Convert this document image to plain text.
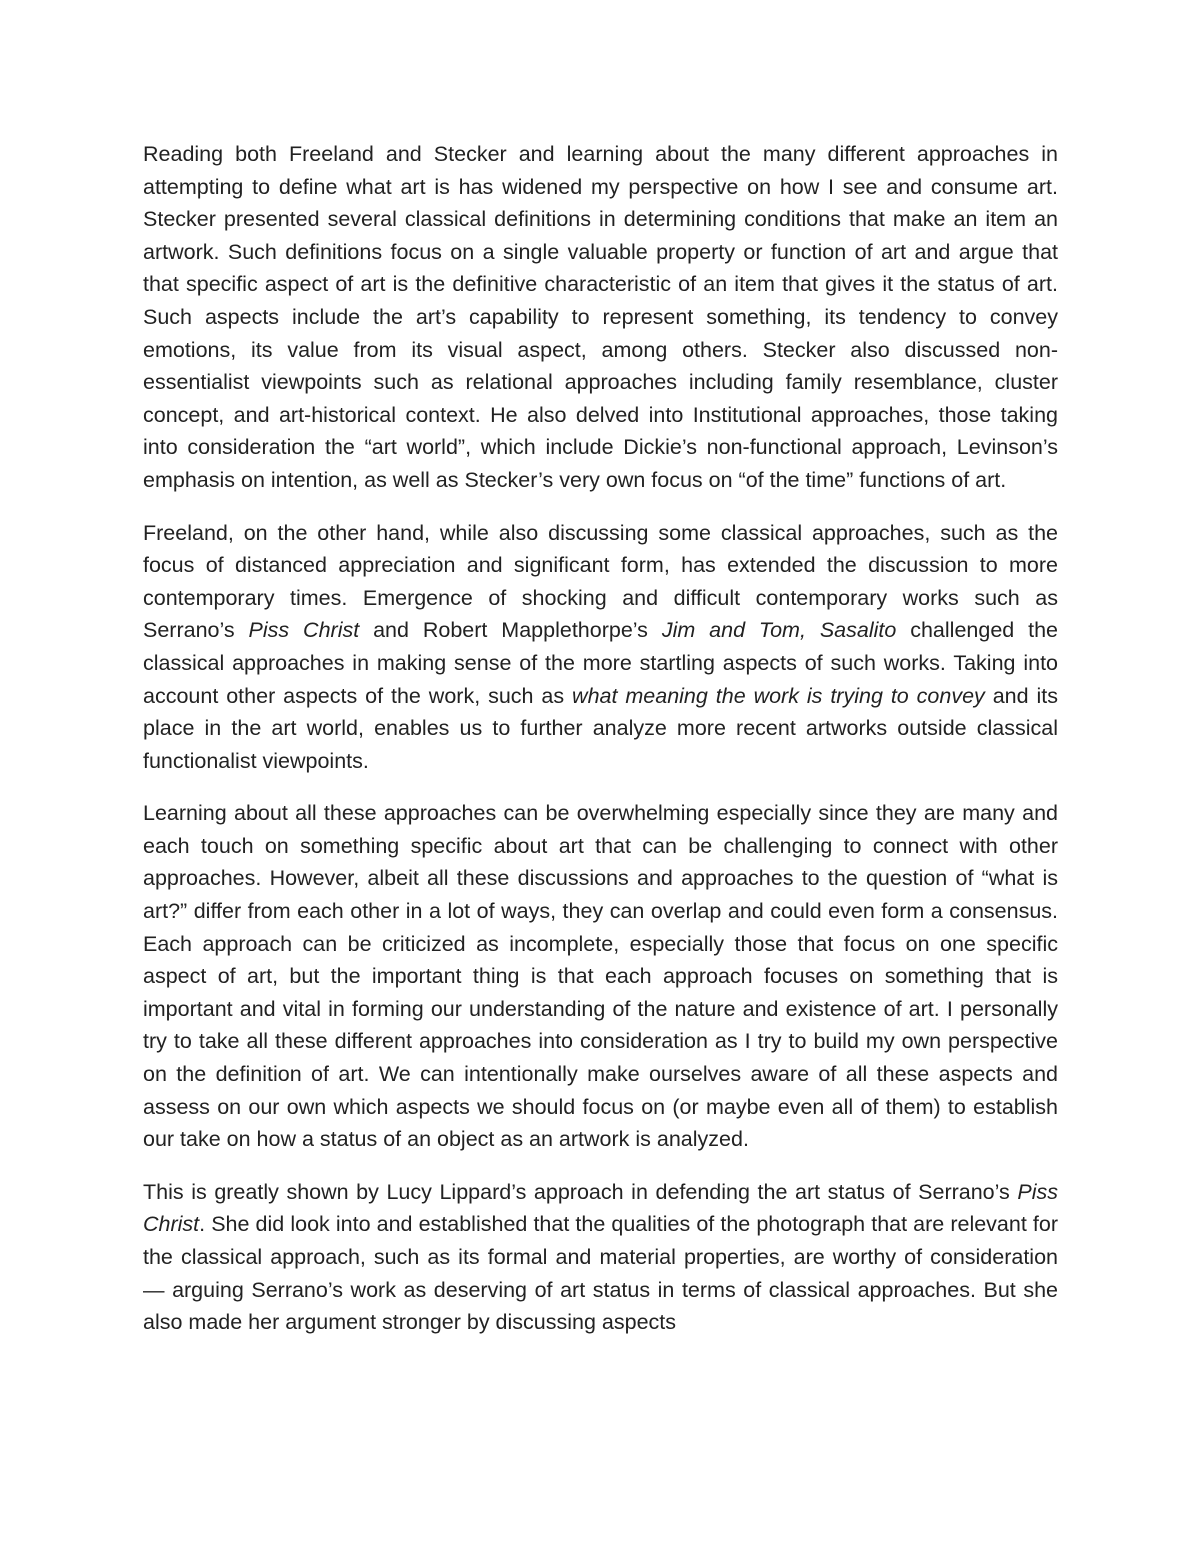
Reading both Freeland and Stecker and learning about the many different approaches in attempting to define what art is has widened my perspective on how I see and consume art. Stecker presented several classical definitions in determining conditions that make an item an artwork. Such definitions focus on a single valuable property or function of art and argue that that specific aspect of art is the definitive characteristic of an item that gives it the status of art. Such aspects include the art’s capability to represent something, its tendency to convey emotions, its value from its visual aspect, among others. Stecker also discussed non-essentialist viewpoints such as relational approaches including family resemblance, cluster concept, and art-historical context. He also delved into Institutional approaches, those taking into consideration the “art world”, which include Dickie’s non-functional approach, Levinson’s emphasis on intention, as well as Stecker’s very own focus on “of the time” functions of art.

Freeland, on the other hand, while also discussing some classical approaches, such as the focus of distanced appreciation and significant form, has extended the discussion to more contemporary times. Emergence of shocking and difficult contemporary works such as Serrano’s Piss Christ and Robert Mapplethorpe’s Jim and Tom, Sasalito challenged the classical approaches in making sense of the more startling aspects of such works. Taking into account other aspects of the work, such as what meaning the work is trying to convey and its place in the art world, enables us to further analyze more recent artworks outside classical functionalist viewpoints.

Learning about all these approaches can be overwhelming especially since they are many and each touch on something specific about art that can be challenging to connect with other approaches. However, albeit all these discussions and approaches to the question of “what is art?” differ from each other in a lot of ways, they can overlap and could even form a consensus. Each approach can be criticized as incomplete, especially those that focus on one specific aspect of art, but the important thing is that each approach focuses on something that is important and vital in forming our understanding of the nature and existence of art. I personally try to take all these different approaches into consideration as I try to build my own perspective on the definition of art. We can intentionally make ourselves aware of all these aspects and assess on our own which aspects we should focus on (or maybe even all of them) to establish our take on how a status of an object as an artwork is analyzed.

This is greatly shown by Lucy Lippard’s approach in defending the art status of Serrano’s Piss Christ. She did look into and established that the qualities of the photograph that are relevant for the classical approach, such as its formal and material properties, are worthy of consideration — arguing Serrano’s work as deserving of art status in terms of classical approaches. But she also made her argument stronger by discussing aspects
